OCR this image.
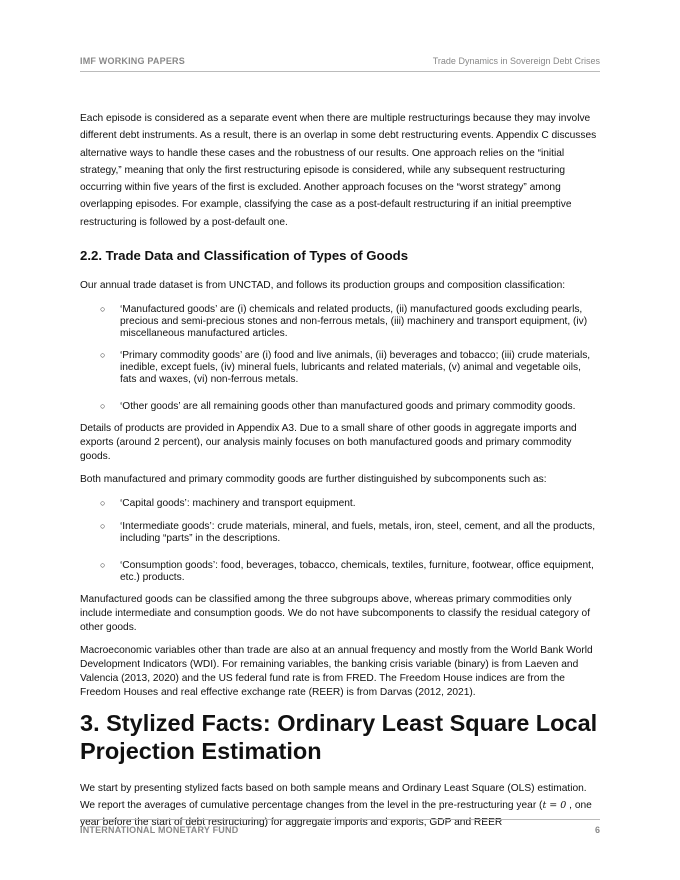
IMF WORKING PAPERS	Trade Dynamics in Sovereign Debt Crises

Each episode is considered as a separate event when there are multiple restructurings because they may involve different debt instruments. As a result, there is an overlap in some debt restructuring events. Appendix C discusses alternative ways to handle these cases and the robustness of our results. One approach relies on the “initial strategy,” meaning that only the first restructuring episode is considered, while any subsequent restructuring occurring within five years of the first is excluded. Another approach focuses on the “worst strategy” among overlapping episodes. For example, classifying the case as a post-default restructuring if an initial preemptive restructuring is followed by a post-default one.

2.2. Trade Data and Classification of Types of Goods

Our annual trade dataset is from UNCTAD, and follows its production groups and composition classification:

○ ‘Manufactured goods’ are (i) chemicals and related products, (ii) manufactured goods excluding pearls, precious and semi-precious stones and non-ferrous metals, (iii) machinery and transport equipment, (iv) miscellaneous manufactured articles.
○ ‘Primary commodity goods’ are (i) food and live animals, (ii) beverages and tobacco; (iii) crude materials, inedible, except fuels, (iv) mineral fuels, lubricants and related materials, (v) animal and vegetable oils, fats and waxes, (vi) non-ferrous metals.
○ ‘Other goods’ are all remaining goods other than manufactured goods and primary commodity goods.

Details of products are provided in Appendix A3. Due to a small share of other goods in aggregate imports and exports (around 2 percent), our analysis mainly focuses on both manufactured goods and primary commodity goods.

Both manufactured and primary commodity goods are further distinguished by subcomponents such as:

○ ‘Capital goods’: machinery and transport equipment.
○ ‘Intermediate goods’: crude materials, mineral, and fuels, metals, iron, steel, cement, and all the products, including “parts” in the descriptions.
○ ‘Consumption goods’: food, beverages, tobacco, chemicals, textiles, furniture, footwear, office equipment, etc.) products.

Manufactured goods can be classified among the three subgroups above, whereas primary commodities only include intermediate and consumption goods. We do not have subcomponents to classify the residual category of other goods.

Macroeconomic variables other than trade are also at an annual frequency and mostly from the World Bank World Development Indicators (WDI). For remaining variables, the banking crisis variable (binary) is from Laeven and Valencia (2013, 2020) and the US federal fund rate is from FRED. The Freedom House indices are from the Freedom Houses and real effective exchange rate (REER) is from Darvas (2012, 2021).

3. Stylized Facts: Ordinary Least Square Local Projection Estimation

We start by presenting stylized facts based on both sample means and Ordinary Least Square (OLS) estimation. We report the averages of cumulative percentage changes from the level in the pre-restructuring year (t = 0 , one year before the start of debt restructuring) for aggregate imports and exports, GDP and REER

INTERNATIONAL MONETARY FUND	6
